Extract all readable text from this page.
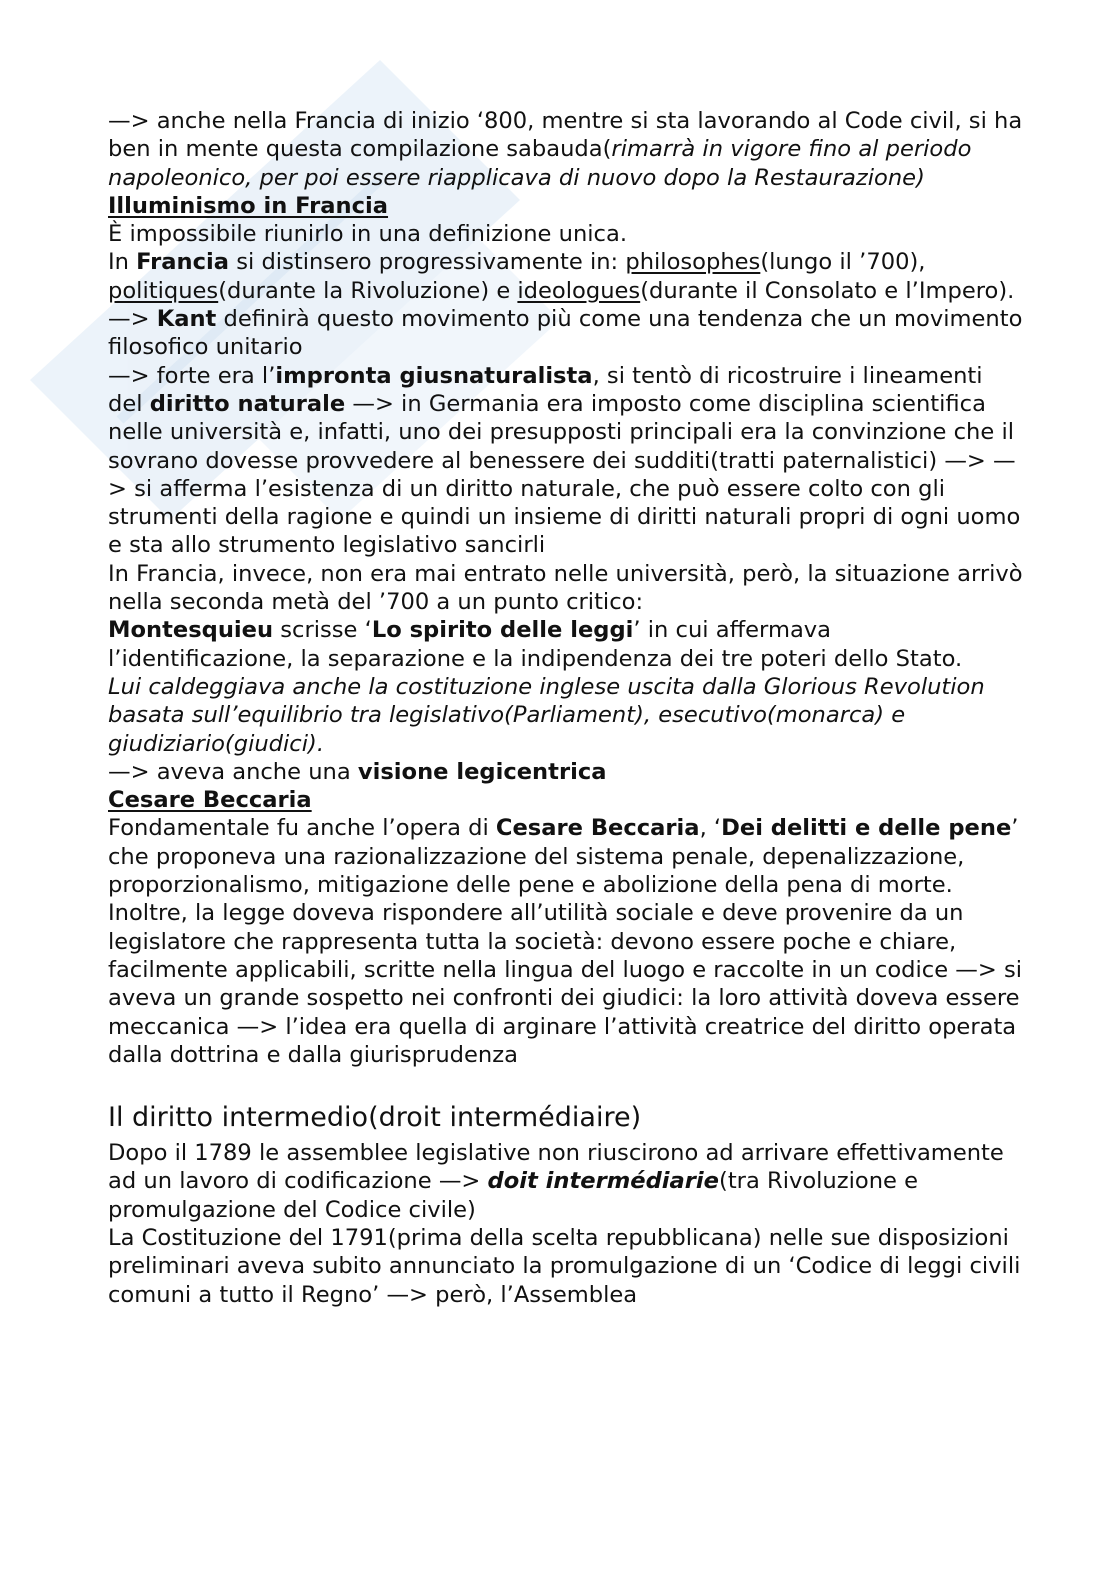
—> anche nella Francia di inizio ‘800, mentre si sta lavorando al Code civil, si ha ben in mente questa compilazione sabauda(rimarrà in vigore fino al periodo napoleonico, per poi essere riapplicava di nuovo dopo la Restaurazione)

Illuminismo in Francia

È impossibile riunirlo in una definizione unica.

In Francia si distinsero progressivamente in: philosophes(lungo il ’700), politiques(durante la Rivoluzione) e ideologues(durante il Consolato e l’Impero).

—> Kant definirà questo movimento più come una tendenza che un movimento filosofico unitario

—> forte era l’impronta giusnaturalista, si tentò di ricostruire i lineamenti del diritto naturale —> in Germania era imposto come disciplina scientifica nelle università e, infatti, uno dei presupposti principali era la convinzione che il sovrano dovesse provvedere al benessere dei sudditi(tratti paternalistici) —> —> si afferma l’esistenza di un diritto naturale, che può essere colto con gli strumenti della ragione e quindi un insieme di diritti naturali propri di ogni uomo e sta allo strumento legislativo sancirli

In Francia, invece, non era mai entrato nelle università, però, la situazione arrivò nella seconda metà del ’700 a un punto critico:

Montesquieu scrisse ‘Lo spirito delle leggi’ in cui affermava l’identificazione, la separazione e la indipendenza dei tre poteri dello Stato.

Lui caldeggiava anche la costituzione inglese uscita dalla Glorious Revolution basata sull’equilibrio tra legislativo(Parliament), esecutivo(monarca) e giudiziario(giudici).

—> aveva anche una visione legicentrica

Cesare Beccaria

Fondamentale fu anche l’opera di Cesare Beccaria, ‘Dei delitti e delle pene’ che proponeva una razionalizzazione del sistema penale, depenalizzazione, proporzionalismo, mitigazione delle pene e abolizione della pena di morte.

Inoltre, la legge doveva rispondere all’utilità sociale e deve provenire da un legislatore che rappresenta tutta la società: devono essere poche e chiare, facilmente applicabili, scritte nella lingua del luogo e raccolte in un codice —> si aveva un grande sospetto nei confronti dei giudici: la loro attività doveva essere meccanica —> l’idea era quella di arginare l’attività creatrice del diritto operata dalla dottrina e dalla giurisprudenza

Il diritto intermedio(droit intermédiaire)

Dopo il 1789 le assemblee legislative non riuscirono ad arrivare effettivamente ad un lavoro di codificazione —> doit intermédiarie(tra Rivoluzione e promulgazione del Codice civile)

La Costituzione del 1791(prima della scelta repubblicana) nelle sue disposizioni preliminari aveva subito annunciato la promulgazione di un ‘Codice di leggi civili comuni a tutto il Regno’ —> però, l’Assemblea
